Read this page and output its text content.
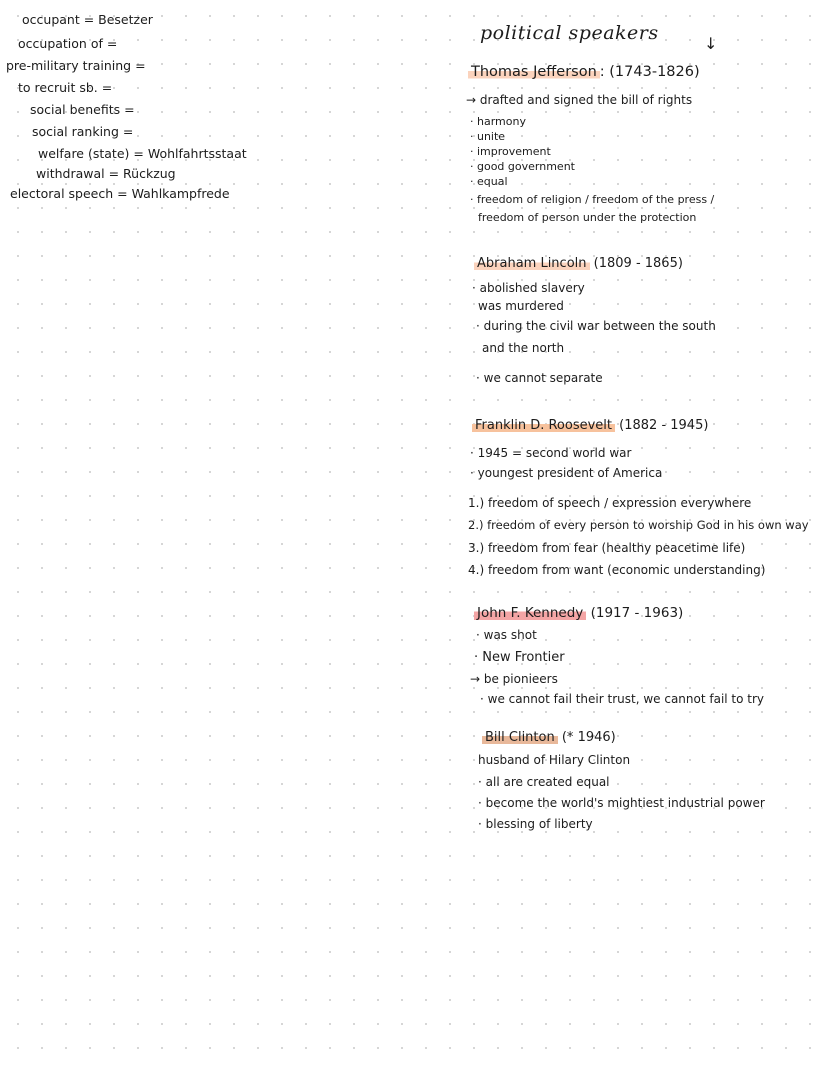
occupant = Besetzer
occupation of =
pre-military training =
to recruit sb. =
social benefits =
social ranking =
welfare (state) = Wohlfahrtsstaat
withdrawal = Rückzug
electoral speech = Wahlkampfrede
political speakers	↓
Thomas Jefferson : (1743-1826)
→ drafted and signed the bill of rights
· harmony
· unite
· improvement
· good government
· equal
· freedom of religion / freedom of the press /
freedom of person under the protection
Abraham Lincoln (1809 - 1865)
· abolished slavery
was murdered
· during the civil war between the south
and the north
· we cannot separate
Franklin D. Roosevelt (1882 - 1945)
· 1945 = second world war
· youngest president of America
1.) freedom of speech / expression everywhere
2.) freedom of every person to worship God in his own way
3.) freedom from fear (healthy peacetime life)
4.) freedom from want (economic understanding)
John F. Kennedy (1917 - 1963)
· was shot
· New Frontier
→ be pionieers
· we cannot fail their trust, we cannot fail to try
Bill Clinton (* 1946)
husband of Hilary Clinton
· all are created equal
· become the world's mightiest industrial power
· blessing of liberty
